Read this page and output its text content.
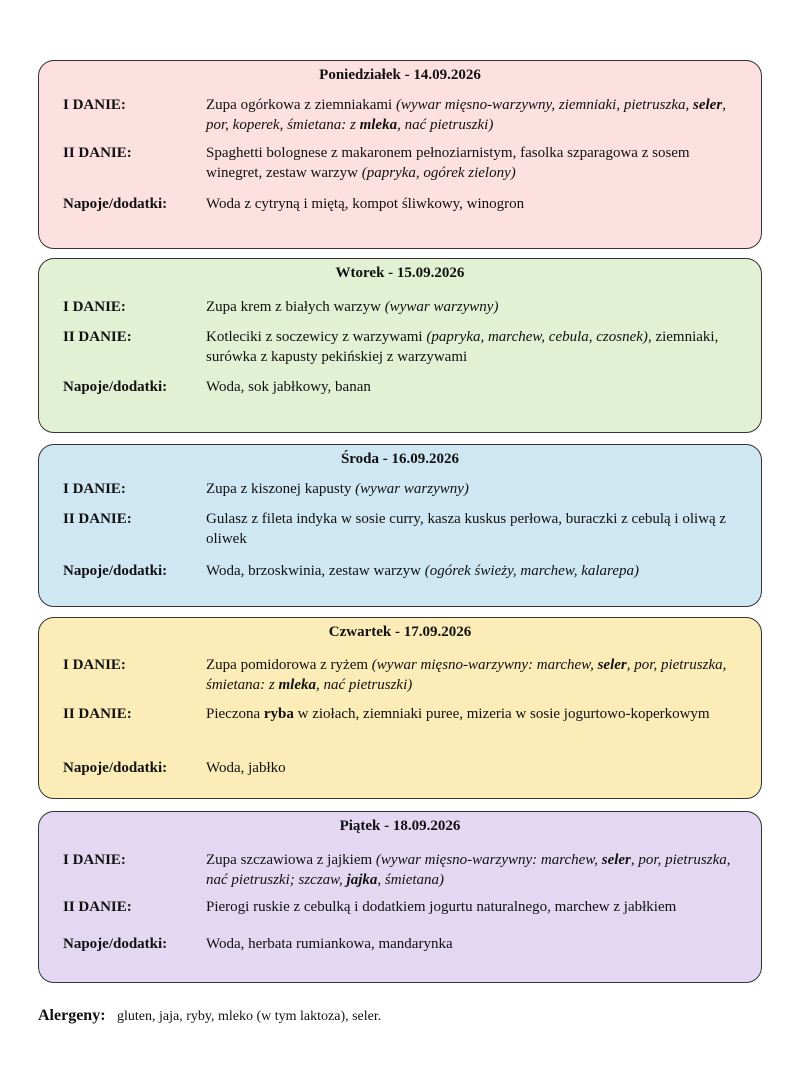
Poniedziałek - 14.09.2026
I DANIE:	Zupa ogórkowa z ziemniakami (wywar mięsno-warzywny, ziemniaki, pietruszka, seler, por, koperek, śmietana: z mleka, nać pietruszki)
II DANIE:	Spaghetti bolognese z makaronem pełnoziarnistym, fasolka szparagowa z sosem winegret, zestaw warzyw (papryka, ogórek zielony)
Napoje/dodatki:	Woda z cytryną i miętą, kompot śliwkowy, winogron
Wtorek - 15.09.2026
I DANIE:	Zupa krem z białych warzyw (wywar warzywny)
II DANIE:	Kotleciki z soczewicy z warzywami (papryka, marchew, cebula, czosnek), ziemniaki, surówka z kapusty pekińskiej z warzywami
Napoje/dodatki:	Woda, sok jabłkowy, banan
Środa - 16.09.2026
I DANIE:	Zupa z kiszonej kapusty (wywar warzywny)
II DANIE:	Gulasz z fileta indyka w sosie curry, kasza kuskus perłowa, buraczki z cebulą i oliwą z oliwek
Napoje/dodatki:	Woda, brzoskwinia, zestaw warzyw (ogórek świeży, marchew, kalarepa)
Czwartek - 17.09.2026
I DANIE:	Zupa pomidorowa z ryżem (wywar mięsno-warzywny: marchew, seler, por, pietruszka, śmietana: z mleka, nać pietruszki)
II DANIE:	Pieczona ryba w ziołach, ziemniaki puree, mizeria w sosie jogurtowo-koperkowym
Napoje/dodatki:	Woda, jabłko
Piątek - 18.09.2026
I DANIE:	Zupa szczawiowa z jajkiem (wywar mięsno-warzywny: marchew, seler, por, pietruszka, nać pietruszki; szczaw, jajka, śmietana)
II DANIE:	Pierogi ruskie z cebulką i dodatkiem jogurtu naturalnego, marchew z jabłkiem
Napoje/dodatki:	Woda, herbata rumiankowa, mandarynka
Alergeny: gluten, jaja, ryby, mleko (w tym laktoza), seler.
